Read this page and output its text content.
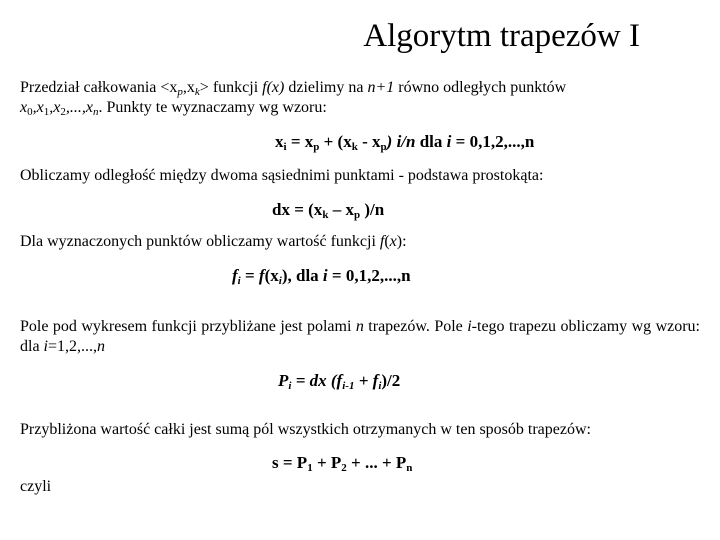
Algorytm trapezów I
Przedział całkowania $<x_p,x_k>$ funkcji f(x) dzielimy na n+1 równo odległych punktów
$x_0,x_1,x_2,...,x_n$. Punkty te wyznaczamy wg wzoru:
$x_i = x_p + (x_k - x_p)$ i/n dla i = 0,1,2,...,n
Obliczamy odległość między dwoma sąsiednimi punktami - podstawa prostokąta:
dx = ($x_k - x_p$ )/n
Dla wyznaczonych punktów obliczamy wartość funkcji f(x):
$f_i = f(x_i)$, dla i = 0,1,2,...,n
Pole pod wykresem funkcji przybliżane jest polami n trapezów. Pole i-tego trapezu obliczamy wg wzoru: dla i=1,2,...,n
$P_i$ = dx $(f_{i-1} + f_i)/2$
Przybliżona wartość całki jest sumą pól wszystkich otrzymanych w ten sposób trapezów:
$s = P_1 + P_2$ + ... + $P_n$
czyli
